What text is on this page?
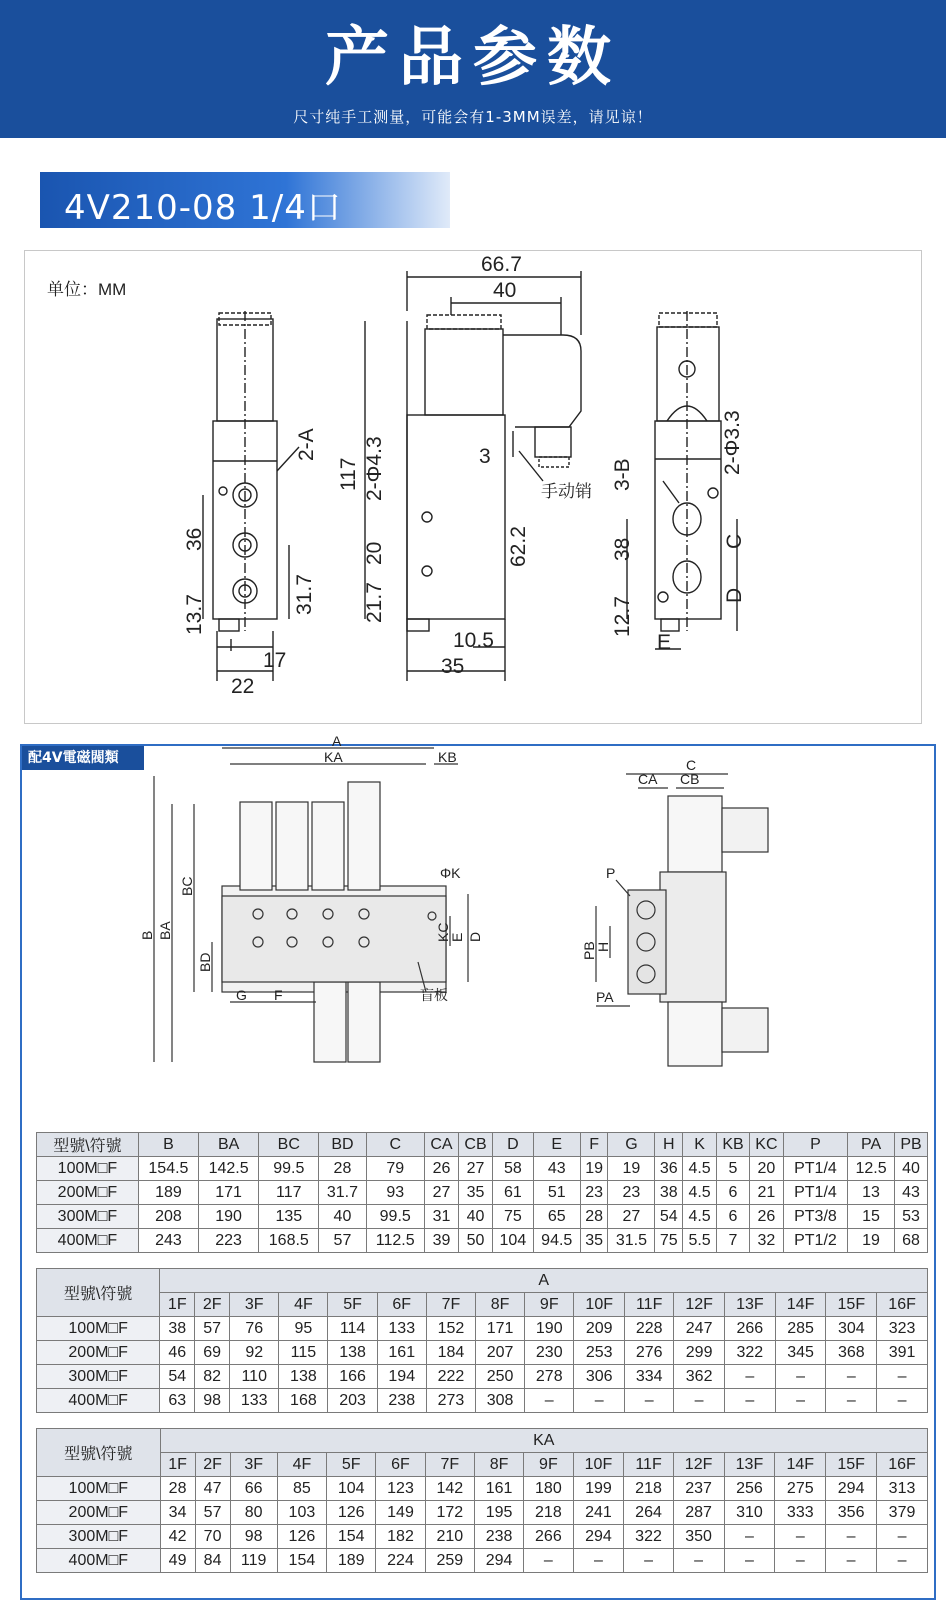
产品参数
尺寸纯手工测量，可能会有1-3MM误差，请见谅！
4V210-08 1/4口
单位：MM
17
22
36
13.7	31.7
2-A
66.7
40
117 2-Φ4.3
20
21.7
62.2
10.5
35
3
手动销
3-B	2-Φ3.3
38
12.7
C
D
E
配4V電磁閥類
A
KA	KB
B BA
BC
BD
G F
ΦK
KC
E D
盲板
C
CA CB
P
PB
H
PA
型號\符號	B	BA	BC	BD	C	CA	CB	D	E	F	G	H	K	KB	KC	P	PA	PB
100M□F	154.5	142.5	99.5	28	79	26	27	58	43	19	19	36	4.5	5	20	PT1/4	12.5	40
200M□F	189	171	117	31.7	93	27	35	61	51	23	23	38	4.5	6	21	PT1/4	13	43
300M□F	208	190	135	40	99.5	31	40	75	65	28	27	54	4.5	6	26	PT3/8	15	53
400M□F	243	223	168.5	57	112.5	39	50	104	94.5	35	31.5	75	5.5	7	32	PT1/2	19	68
型號\符號	A															
	1F	2F	3F	4F	5F	6F	7F	8F	9F	10F	11F	12F	13F	14F	15F	16F
100M□F	38	57	76	95	114	133	152	171	190	209	228	247	266	285	304	323
200M□F	46	69	92	115	138	161	184	207	230	253	276	299	322	345	368	391
300M□F	54	82	110	138	166	194	222	250	278	306	334	362	–	–	–	–
400M□F	63	98	133	168	203	238	273	308	–	–	–	–	–	–	–	–
型號\符號	KA															
	1F	2F	3F	4F	5F	6F	7F	8F	9F	10F	11F	12F	13F	14F	15F	16F
100M□F	28	47	66	85	104	123	142	161	180	199	218	237	256	275	294	313
200M□F	34	57	80	103	126	149	172	195	218	241	264	287	310	333	356	379
300M□F	42	70	98	126	154	182	210	238	266	294	322	350	–	–	–	–
400M□F	49	84	119	154	189	224	259	294	–	–	–	–	–	–	–	–
